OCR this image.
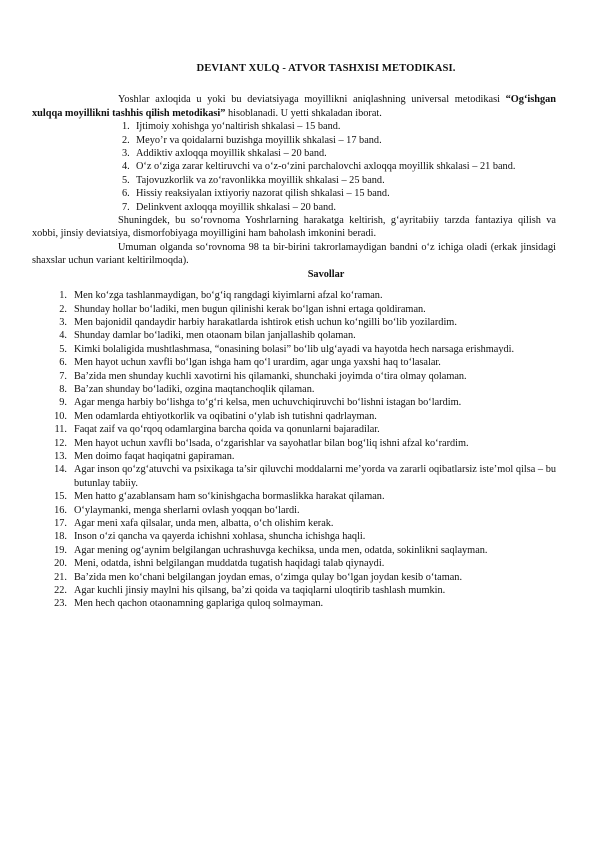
DEVIANT XULQ - ATVOR TASHXISI METODIKASI.

Yoshlar axloqida u yoki bu deviatsiyaga moyillikni aniqlashning universal metodikasi “Og‘ishgan xulqqa moyillikni tashhis qilish metodikasi” hisoblanadi. U yetti shkaladan iborat.

1. Ijtimoiy xohishga yo‘naltirish shkalasi – 15 band.
2. Meyo’r va qoidalarni buzishga moyillik shkalasi – 17 band.
3. Addiktiv axloqqa moyillik shkalasi – 20 band.
4. O‘z o‘ziga zarar keltiruvchi va o‘z-o‘zini parchalovchi axloqqa moyillik shkalasi – 21 band.
5. Tajovuzkorlik va zo‘ravonlikka moyillik shkalasi – 25 band.
6. Hissiy reaksiyalan ixtiyoriy nazorat qilish shkalasi – 15 band.
7. Delinkvent axloqqa moyillik shkalasi – 20 band.

Shuningdek, bu so‘rovnoma Yoshrlarning harakatga keltirish, g‘ayritabiiy tarzda fantaziya qilish va xobbi, jinsiy deviatsiya, dismorfobiyaga moyilligini ham baholash imkonini beradi.

Umuman olganda so‘rovnoma 98 ta bir-birini takrorlamaydigan bandni o‘z ichiga oladi (erkak jinsidagi shaxslar uchun variant keltirilmoqda).

Savollar
1. Men ko‘zga tashlanmaydigan, bo‘g‘iq rangdagi kiyimlarni afzal ko‘raman.
2. Shunday hollar bo‘ladiki, men bugun qilinishi kerak bo‘lgan ishni ertaga qoldiraman.
3. Men bajonidil qandaydir harbiy harakatlarda ishtirok etish uchun ko‘ngilli bo‘lib yozilardim.
4. Shunday damlar bo‘ladiki, men otaonam bilan janjallashib qolaman.
5. Kimki bolaligida mushtlashmasa, “onasining bolasi” bo‘lib ulg‘ayadi va hayotda hech narsaga erishmaydi.
6. Men hayot uchun xavfli bo‘lgan ishga ham qo‘l urardim, agar unga yaxshi haq to‘lasalar.
7. Ba’zida men shunday kuchli xavotirni his qilamanki, shunchaki joyimda o‘tira olmay qolaman.
8. Ba’zan shunday bo‘ladiki, ozgina maqtanchoqlik qilaman.
9. Agar menga harbiy bo‘lishga to‘g‘ri kelsa, men uchuvchiqiruvchi bo‘lishni istagan bo‘lardim.
10. Men odamlarda ehtiyotkorlik va oqibatini o‘ylab ish tutishni qadrlayman.
11. Faqat zaif va qo‘rqoq odamlargina barcha qoida va qonunlarni bajaradilar.
12. Men hayot uchun xavfli bo‘lsada, o‘zgarishlar va sayohatlar bilan bog‘liq ishni afzal ko‘rardim.
13. Men doimo faqat haqiqatni gapiraman.
14. Agar inson qo‘zg‘atuvchi va psixikaga ta’sir qiluvchi moddalarni me’yorda va zararli oqibatlarsiz iste’mol qilsa – bu butunlay tabiiy.
15. Men hatto g‘azablansam ham so‘kinishgacha bormaslikka harakat qilaman.
16. O‘ylaymanki, menga sherlarni ovlash yoqqan bo‘lardi.
17. Agar meni xafa qilsalar, unda men, albatta, o‘ch olishim kerak.
18. Inson o‘zi qancha va qayerda ichishni xohlasa, shuncha ichishga haqli.
19. Agar mening og‘aynim belgilangan uchrashuvga kechiksa, unda men, odatda, sokinlikni saqlayman.
20. Meni, odatda, ishni belgilangan muddatda tugatish haqidagi talab qiynaydi.
21. Ba’zida men ko‘chani belgilangan joydan emas, o‘zimga qulay bo‘lgan joydan kesib o‘taman.
22. Agar kuchli jinsiy maylni his qilsang, ba’zi qoida va taqiqlarni uloqtirib tashlash mumkin.
23. Men hech qachon otaonamning gaplariga quloq solmayman.
